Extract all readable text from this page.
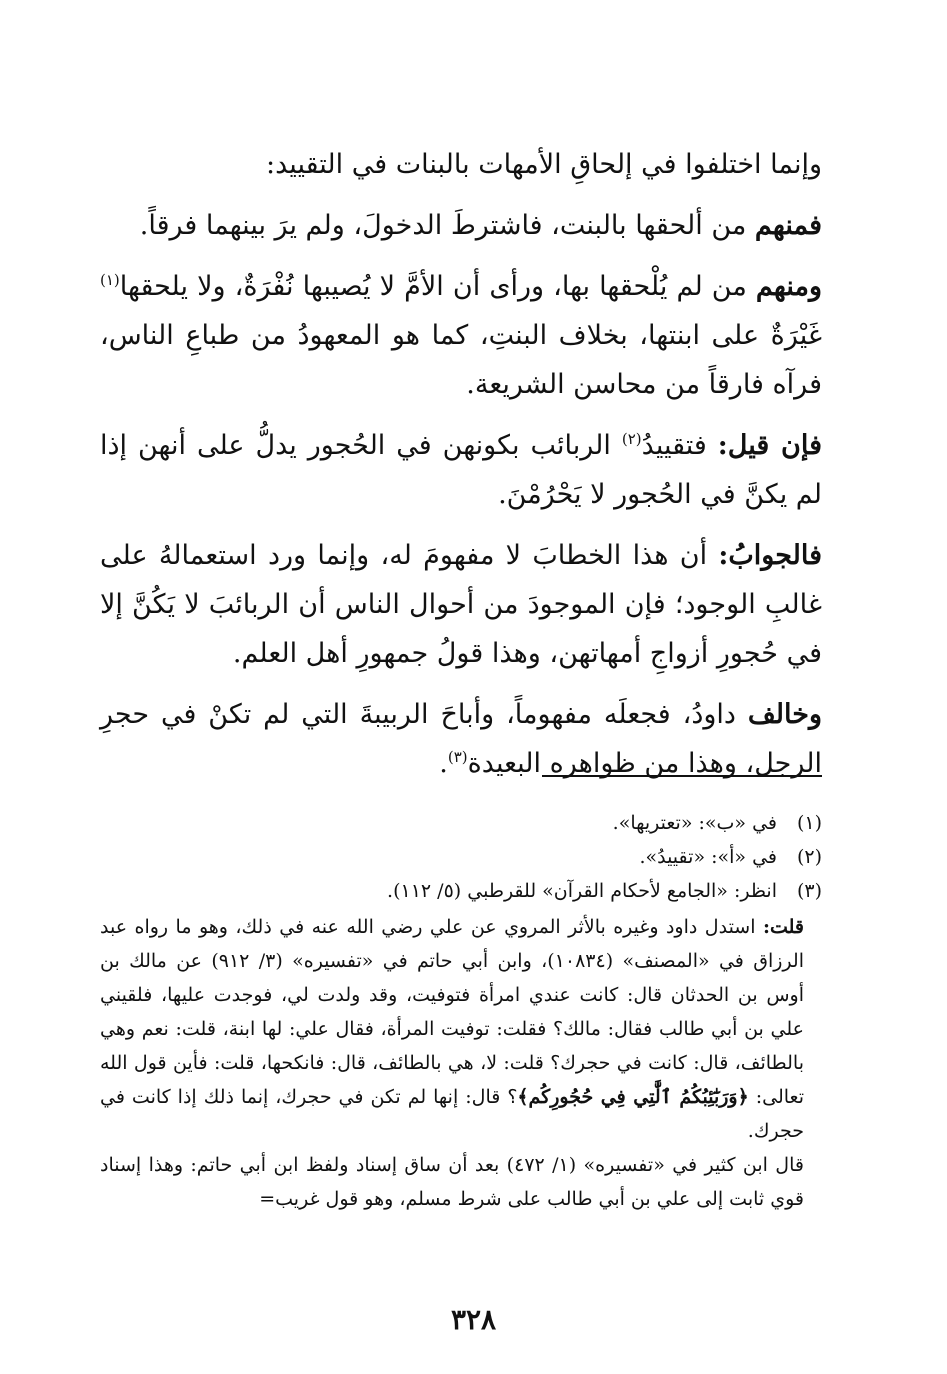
وإنما اختلفوا في إلحاقِ الأمهات بالبنات في التقييد:

فمنهم من ألحقها بالبنت، فاشترطَ الدخولَ، ولم يرَ بينهما فرقاً.

ومنهم من لم يُلْحقها بها، ورأى أن الأمَّ لا يُصيبها نُفْرَةٌ، ولا يلحقها$^{(١)}$ غَيْرَةٌ على ابنتها، بخلاف البنتِ، كما هو المعهودُ من طباعِ الناس، فرآه فارقاً من محاسن الشريعة.

فإن قيل: فتقييدُ$^{(٢)}$ الربائب بكونهن في الحُجور يدلُّ على أنهن إذا لم يكنَّ في الحُجور لا يَحْرُمْنَ.

فالجوابُ: أن هذا الخطابَ لا مفهومَ له، وإنما ورد استعمالهُ على غالبِ الوجود؛ فإن الموجودَ من أحوال الناس أن الربائبَ لا يَكُنَّ إلا في حُجورِ أزواجِ أمهاتهن، وهذا قولُ جمهورِ أهل العلم.

وخالف داودُ، فجعلَه مفهوماً، وأباحَ الربيبةَ التي لم تكنْ في حجرِ الرجل، وهذا من ظواهره البعيدة$^{(٣)}$.

(١)
في «ب»: «تعتريها».
(٢)
في «أ»: «تقييدُ».
(٣)
انظر: «الجامع لأحكام القرآن» للقرطبي (٥/ ١١٢).

قلت: استدل داود وغيره بالأثر المروي عن علي رضي الله عنه في ذلك، وهو ما رواه عبد الرزاق في «المصنف» (١٠٨٣٤)، وابن أبي حاتم في «تفسيره» (٣/ ٩١٢) عن مالك بن أوس بن الحدثان قال: كانت عندي امرأة فتوفيت، وقد ولدت لي، فوجدت عليها، فلقيني علي بن أبي طالب فقال: مالك؟ فقلت: توفيت المرأة، فقال علي: لها ابنة، قلت: نعم وهي بالطائف، قال: كانت في حجرك؟ قلت: لا، هي بالطائف، قال: فانكحها، قلت: فأين قول الله تعالى: ﴿وَرَبَٰٓئِبُكُمُ ٱلَّٰتِي فِي حُجُورِكُم﴾؟ قال: إنها لم تكن في حجرك، إنما ذلك إذا كانت في حجرك.

قال ابن كثير في «تفسيره» (١/ ٤٧٢) بعد أن ساق إسناد ولفظ ابن أبي حاتم: وهذا إسناد قوي ثابت إلى علي بن أبي طالب على شرط مسلم، وهو قول غريب=

٣٢٨
